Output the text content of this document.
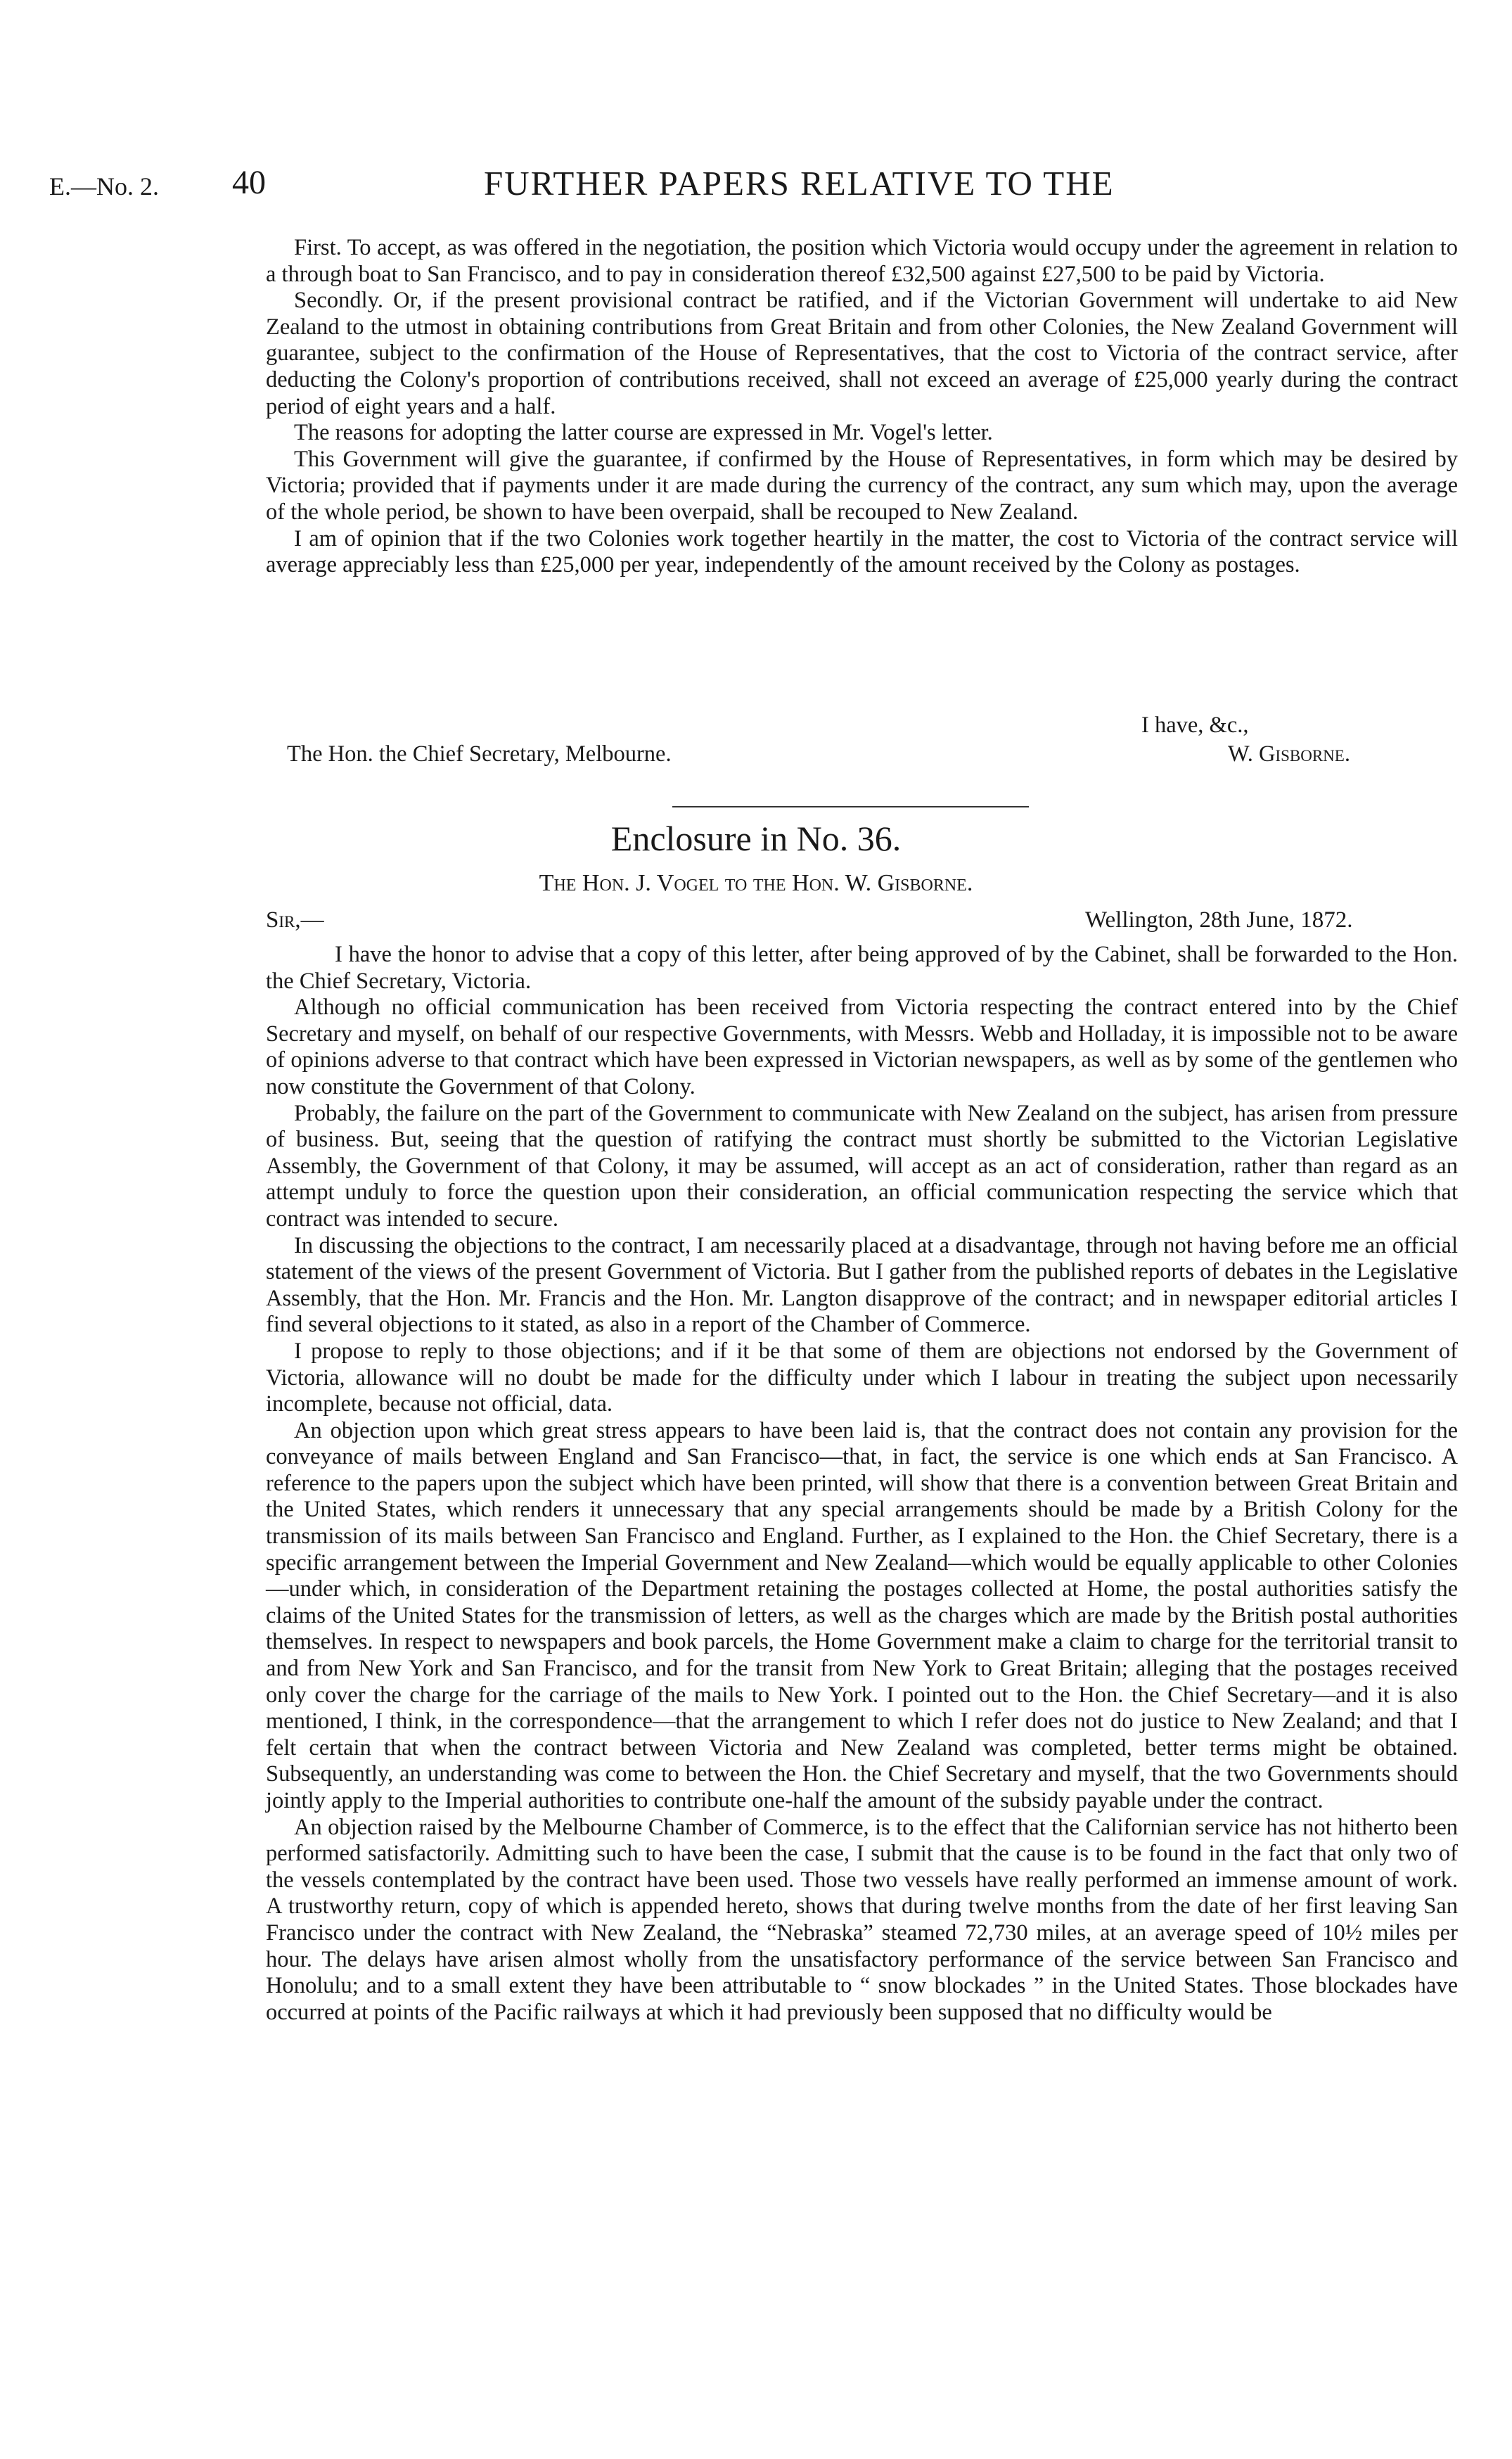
E.—No. 2. 40	FURTHER PAPERS RELATIVE TO THE

First. To accept, as was offered in the negotiation, the position which Victoria would occupy under the agreement in relation to a through boat to San Francisco, and to pay in consideration thereof £32,500 against £27,500 to be paid by Victoria.

Secondly. Or, if the present provisional contract be ratified, and if the Victorian Government will undertake to aid New Zealand to the utmost in obtaining contributions from Great Britain and from other Colonies, the New Zealand Government will guarantee, subject to the confirmation of the House of Representatives, that the cost to Victoria of the contract service, after deducting the Colony's proportion of contributions received, shall not exceed an average of £25,000 yearly during the contract period of eight years and a half.

The reasons for adopting the latter course are expressed in Mr. Vogel's letter.

This Government will give the guarantee, if confirmed by the House of Representatives, in form which may be desired by Victoria; provided that if payments under it are made during the currency of the contract, any sum which may, upon the average of the whole period, be shown to have been overpaid, shall be recouped to New Zealand.

I am of opinion that if the two Colonies work together heartily in the matter, the cost to Victoria of the contract service will average appreciably less than £25,000 per year, independently of the amount received by the Colony as postages.

I have, &c.,
The Hon. the Chief Secretary, Melbourne.	W. Gisborne.
Enclosure in No. 36.
The Hon. J. Vogel to the Hon. W. Gisborne.
Sir,—	Wellington, 28th June, 1872.

I have the honor to advise that a copy of this letter, after being approved of by the Cabinet, shall be forwarded to the Hon. the Chief Secretary, Victoria.

Although no official communication has been received from Victoria respecting the contract entered into by the Chief Secretary and myself, on behalf of our respective Governments, with Messrs. Webb and Holladay, it is impossible not to be aware of opinions adverse to that contract which have been expressed in Victorian newspapers, as well as by some of the gentlemen who now constitute the Government of that Colony.

Probably, the failure on the part of the Government to communicate with New Zealand on the subject, has arisen from pressure of business. But, seeing that the question of ratifying the contract must shortly be submitted to the Victorian Legislative Assembly, the Government of that Colony, it may be assumed, will accept as an act of consideration, rather than regard as an attempt unduly to force the question upon their consideration, an official communication respecting the service which that contract was intended to secure.

In discussing the objections to the contract, I am necessarily placed at a disadvantage, through not having before me an official statement of the views of the present Government of Victoria. But I gather from the published reports of debates in the Legislative Assembly, that the Hon. Mr. Francis and the Hon. Mr. Langton disapprove of the contract; and in newspaper editorial articles I find several objections to it stated, as also in a report of the Chamber of Commerce.

I propose to reply to those objections; and if it be that some of them are objections not endorsed by the Government of Victoria, allowance will no doubt be made for the difficulty under which I labour in treating the subject upon necessarily incomplete, because not official, data.

An objection upon which great stress appears to have been laid is, that the contract does not contain any provision for the conveyance of mails between England and San Francisco—that, in fact, the service is one which ends at San Francisco. A reference to the papers upon the subject which have been printed, will show that there is a convention between Great Britain and the United States, which renders it unnecessary that any special arrangements should be made by a British Colony for the transmission of its mails between San Francisco and England. Further, as I explained to the Hon. the Chief Secretary, there is a specific arrangement between the Imperial Government and New Zealand—which would be equally applicable to other Colonies—under which, in consideration of the Department retaining the postages collected at Home, the postal authorities satisfy the claims of the United States for the transmission of letters, as well as the charges which are made by the British postal authorities themselves. In respect to newspapers and book parcels, the Home Government make a claim to charge for the territorial transit to and from New York and San Francisco, and for the transit from New York to Great Britain; alleging that the postages received only cover the charge for the carriage of the mails to New York. I pointed out to the Hon. the Chief Secretary—and it is also mentioned, I think, in the correspondence—that the arrangement to which I refer does not do justice to New Zealand; and that I felt certain that when the contract between Victoria and New Zealand was completed, better terms might be obtained. Subsequently, an understanding was come to between the Hon. the Chief Secretary and myself, that the two Governments should jointly apply to the Imperial authorities to contribute one-half the amount of the subsidy payable under the contract.

An objection raised by the Melbourne Chamber of Commerce, is to the effect that the Californian service has not hitherto been performed satisfactorily. Admitting such to have been the case, I submit that the cause is to be found in the fact that only two of the vessels contemplated by the contract have been used. Those two vessels have really performed an immense amount of work. A trustworthy return, copy of which is appended hereto, shows that during twelve months from the date of her first leaving San Francisco under the contract with New Zealand, the “Nebraska” steamed 72,730 miles, at an average speed of 10½ miles per hour. The delays have arisen almost wholly from the unsatisfactory performance of the service between San Francisco and Honolulu; and to a small extent they have been attributable to “ snow blockades ” in the United States. Those blockades have occurred at points of the Pacific railways at which it had previously been supposed that no difficulty would be
